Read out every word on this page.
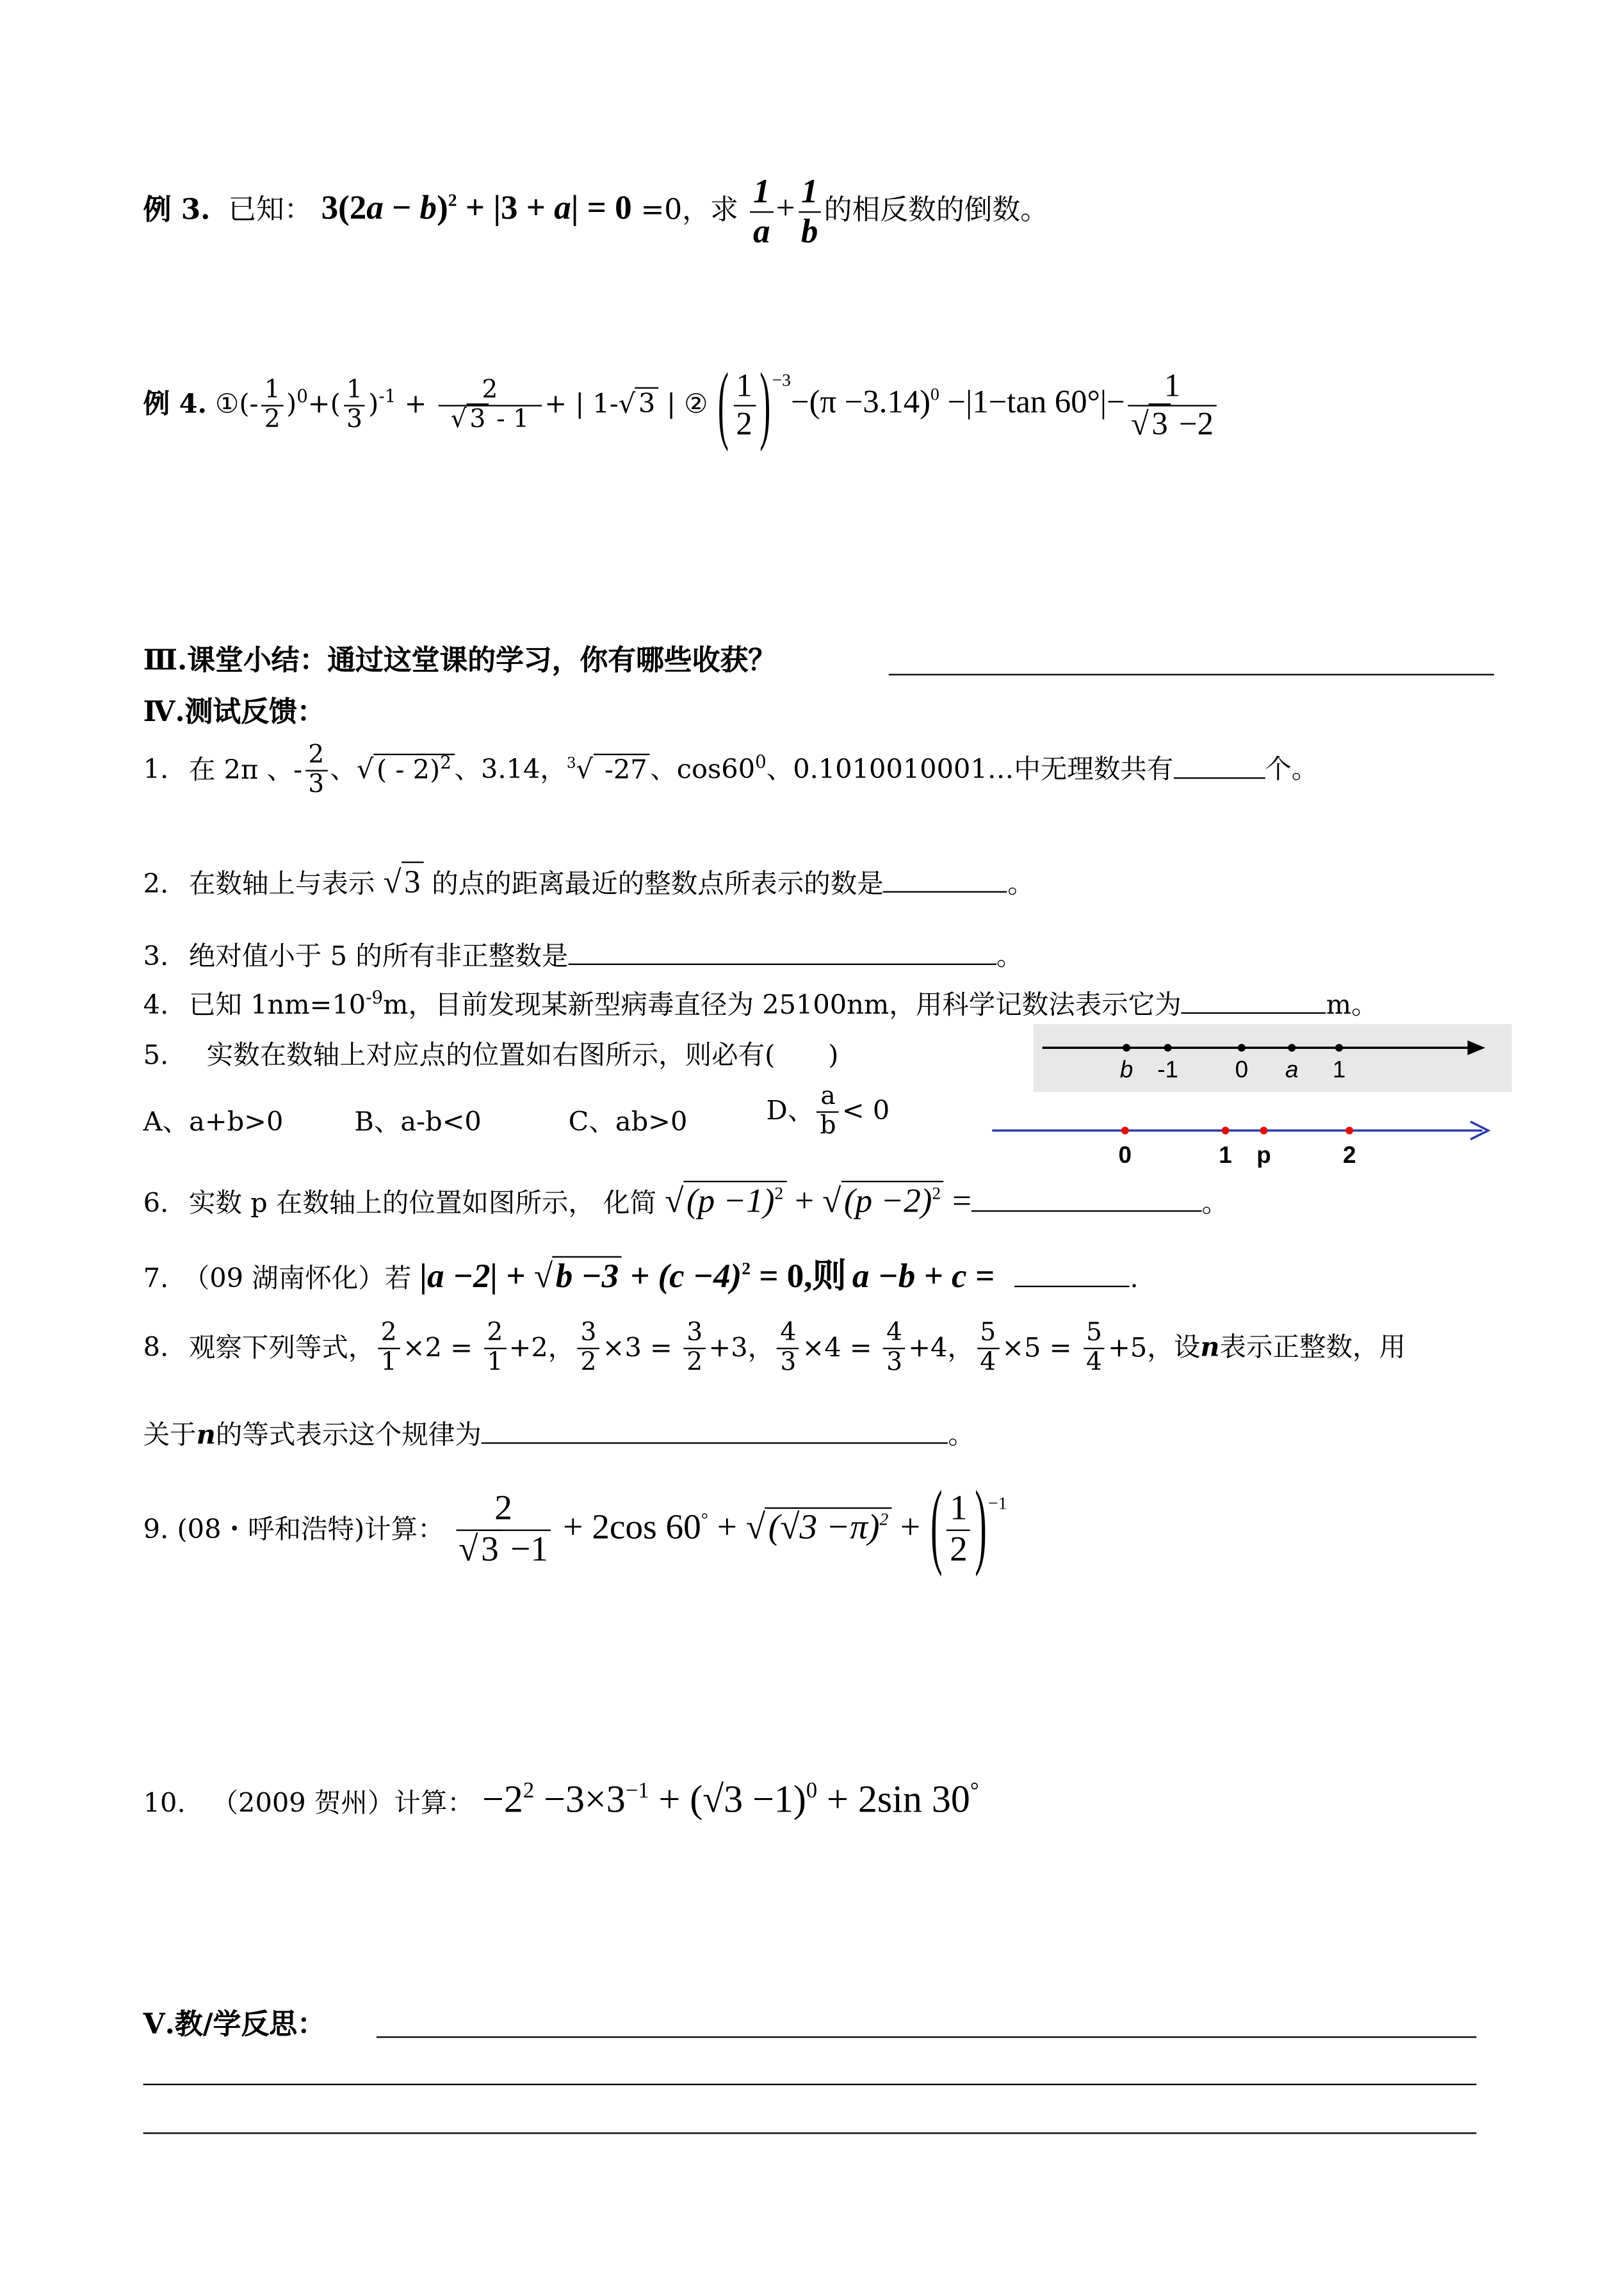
例 3. 已知： $3(2a - b)^2 + |3 + a| = 0 =0$，求 $\frac{1}{a} + \frac{1}{b}$ 的相反数的倒数。
例 4. ①(- $\frac{1}{2} )^0+( \frac{1}{3} )^{-1} + \frac{2}{√ 3 - 1}$ + | 1-√ 3 | ② ( $\frac{1}{2}$ ) $^{-3}-(\pi -3.14)^0 -|1-\tan$ $60^\circ|- \frac{1}{√ 3 -2}$
Ⅲ.课堂小结：通过这堂课的学习，你有哪些收获？
Ⅳ.测试反馈：
1. 在 2π 、- $\frac{2}{3}$ 、√ ( - 2)$^2$ 、3.14，$^3$√ -27 、$\cos 60^0$、0.1010010001…中无理数共有	个。
2. 在数轴上与表示 √ 3 的点的距离最近的整数点所表示的数是	。
3. 绝对值小于 5 的所有非正整数是	。
4. 已知 $1nm=10^{-9}m$，目前发现某新型病毒直径为 25100nm，用科学记数法表示它为	m。
5.	实数在数轴上对应点的位置如右图所示，则必有(	)	b -1	0	a	1
A、a+b>0	B、a-b<0	C、ab>0	D、 $\frac{a}{b} < 0$
0	1 p	2
6. 实数 p 在数轴上的位置如图所示， 化简 √ $(p -1)^2$ + √ $(p -2)^2$ =	。
7. （09 湖南怀化）若 |a −2| + √ $b -3 + (c -4)^2 = 0$,则 a −b + c =	.
8. 观察下列等式， $\frac{2}{1} \times 2 = \frac{2}{1} +2$， $\frac{3}{2} \times 3 = \frac{3}{2} +3$， $\frac{4}{3} \times 4 = \frac{4}{3} +4$， $\frac{5}{4} \times 5 = \frac{5}{4} +5$，设n表示正整数，用
关于n的等式表示这个规律为	。
9. (08・呼和浩特)计算： $\frac{2}{√ 3 -1} + 2\cos$ 60° + √ $(√3 -\pi)^2$ + ( $\frac{1}{2}$ ) $^{-1}$
10. （2009 贺州）计算： $-2^2 -3\times 3^{-1} + (√3 -1)^0 + 2\sin$ 30°
Ⅴ.教/学反思：
